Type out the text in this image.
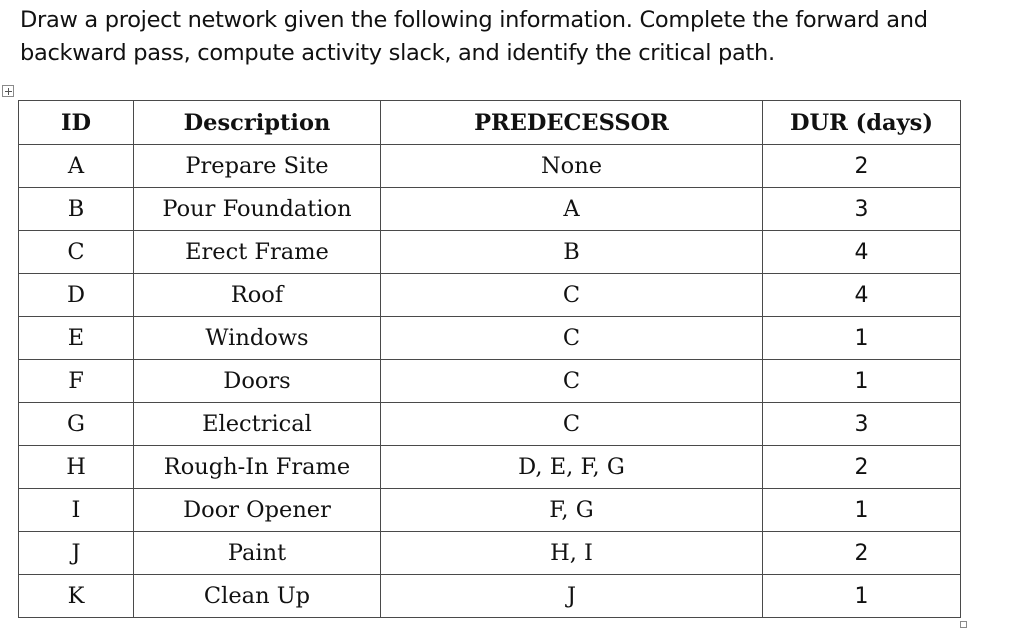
Draw a project network given the following information. Complete the forward and backward pass, compute activity slack, and identify the critical path.
ID	Description	PREDECESSOR	DUR (days)
A	Prepare Site	None	2
B	Pour Foundation	A	3
C	Erect Frame	B	4
D	Roof	C	4
E	Windows	C	1
F	Doors	C	1
G	Electrical	C	3
H	Rough-In Frame	D, E, F, G	2
I	Door Opener	F, G	1
J	Paint	H, I	2
K	Clean Up	J	1
